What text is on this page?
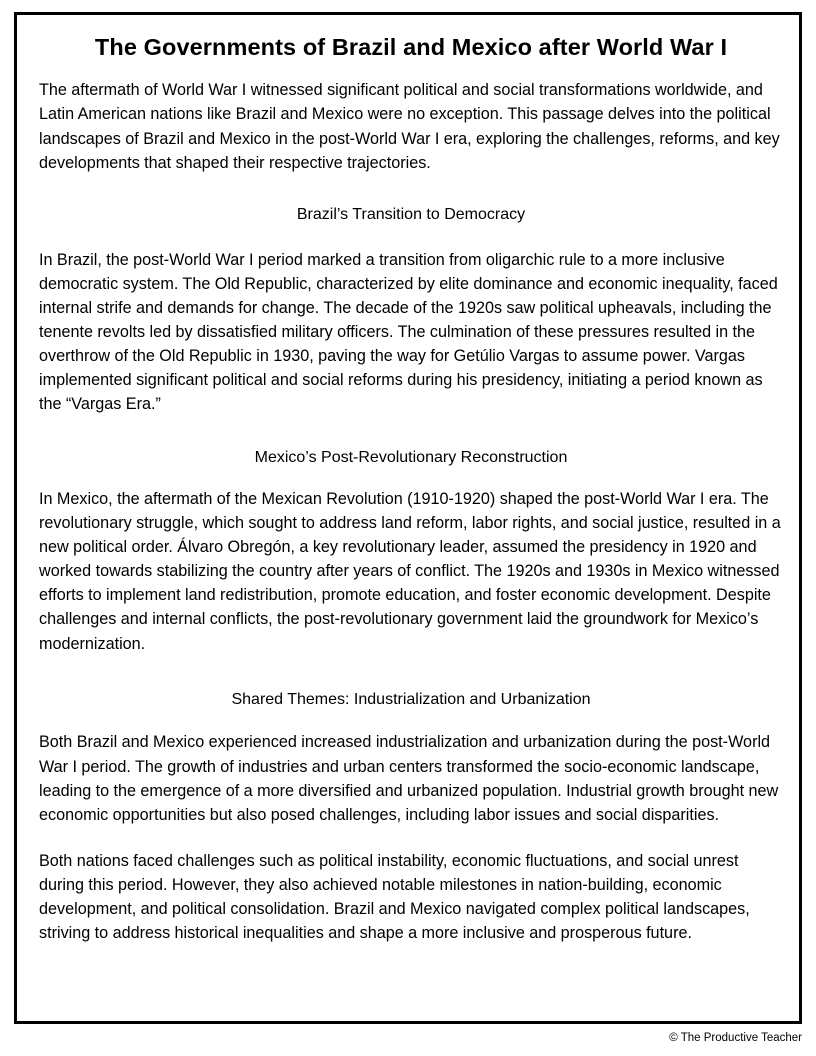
The Governments of Brazil and Mexico after World War I

The aftermath of World War I witnessed significant political and social transformations worldwide, and Latin American nations like Brazil and Mexico were no exception. This passage delves into the political landscapes of Brazil and Mexico in the post-World War I era, exploring the challenges, reforms, and key developments that shaped their respective trajectories.

Brazil’s Transition to Democracy

In Brazil, the post-World War I period marked a transition from oligarchic rule to a more inclusive democratic system. The Old Republic, characterized by elite dominance and economic inequality, faced internal strife and demands for change. The decade of the 1920s saw political upheavals, including the tenente revolts led by dissatisfied military officers. The culmination of these pressures resulted in the overthrow of the Old Republic in 1930, paving the way for Getúlio Vargas to assume power. Vargas implemented significant political and social reforms during his presidency, initiating a period known as the “Vargas Era.”

Mexico’s Post-Revolutionary Reconstruction

In Mexico, the aftermath of the Mexican Revolution (1910-1920) shaped the post-World War I era. The revolutionary struggle, which sought to address land reform, labor rights, and social justice, resulted in a new political order. Álvaro Obregón, a key revolutionary leader, assumed the presidency in 1920 and worked towards stabilizing the country after years of conflict. The 1920s and 1930s in Mexico witnessed efforts to implement land redistribution, promote education, and foster economic development. Despite challenges and internal conflicts, the post-revolutionary government laid the groundwork for Mexico’s modernization.

Shared Themes: Industrialization and Urbanization

Both Brazil and Mexico experienced increased industrialization and urbanization during the post-World War I period. The growth of industries and urban centers transformed the socio-economic landscape, leading to the emergence of a more diversified and urbanized population. Industrial growth brought new economic opportunities but also posed challenges, including labor issues and social disparities.

Both nations faced challenges such as political instability, economic fluctuations, and social unrest during this period. However, they also achieved notable milestones in nation-building, economic development, and political consolidation. Brazil and Mexico navigated complex political landscapes, striving to address historical inequalities and shape a more inclusive and prosperous future.

© The Productive Teacher
